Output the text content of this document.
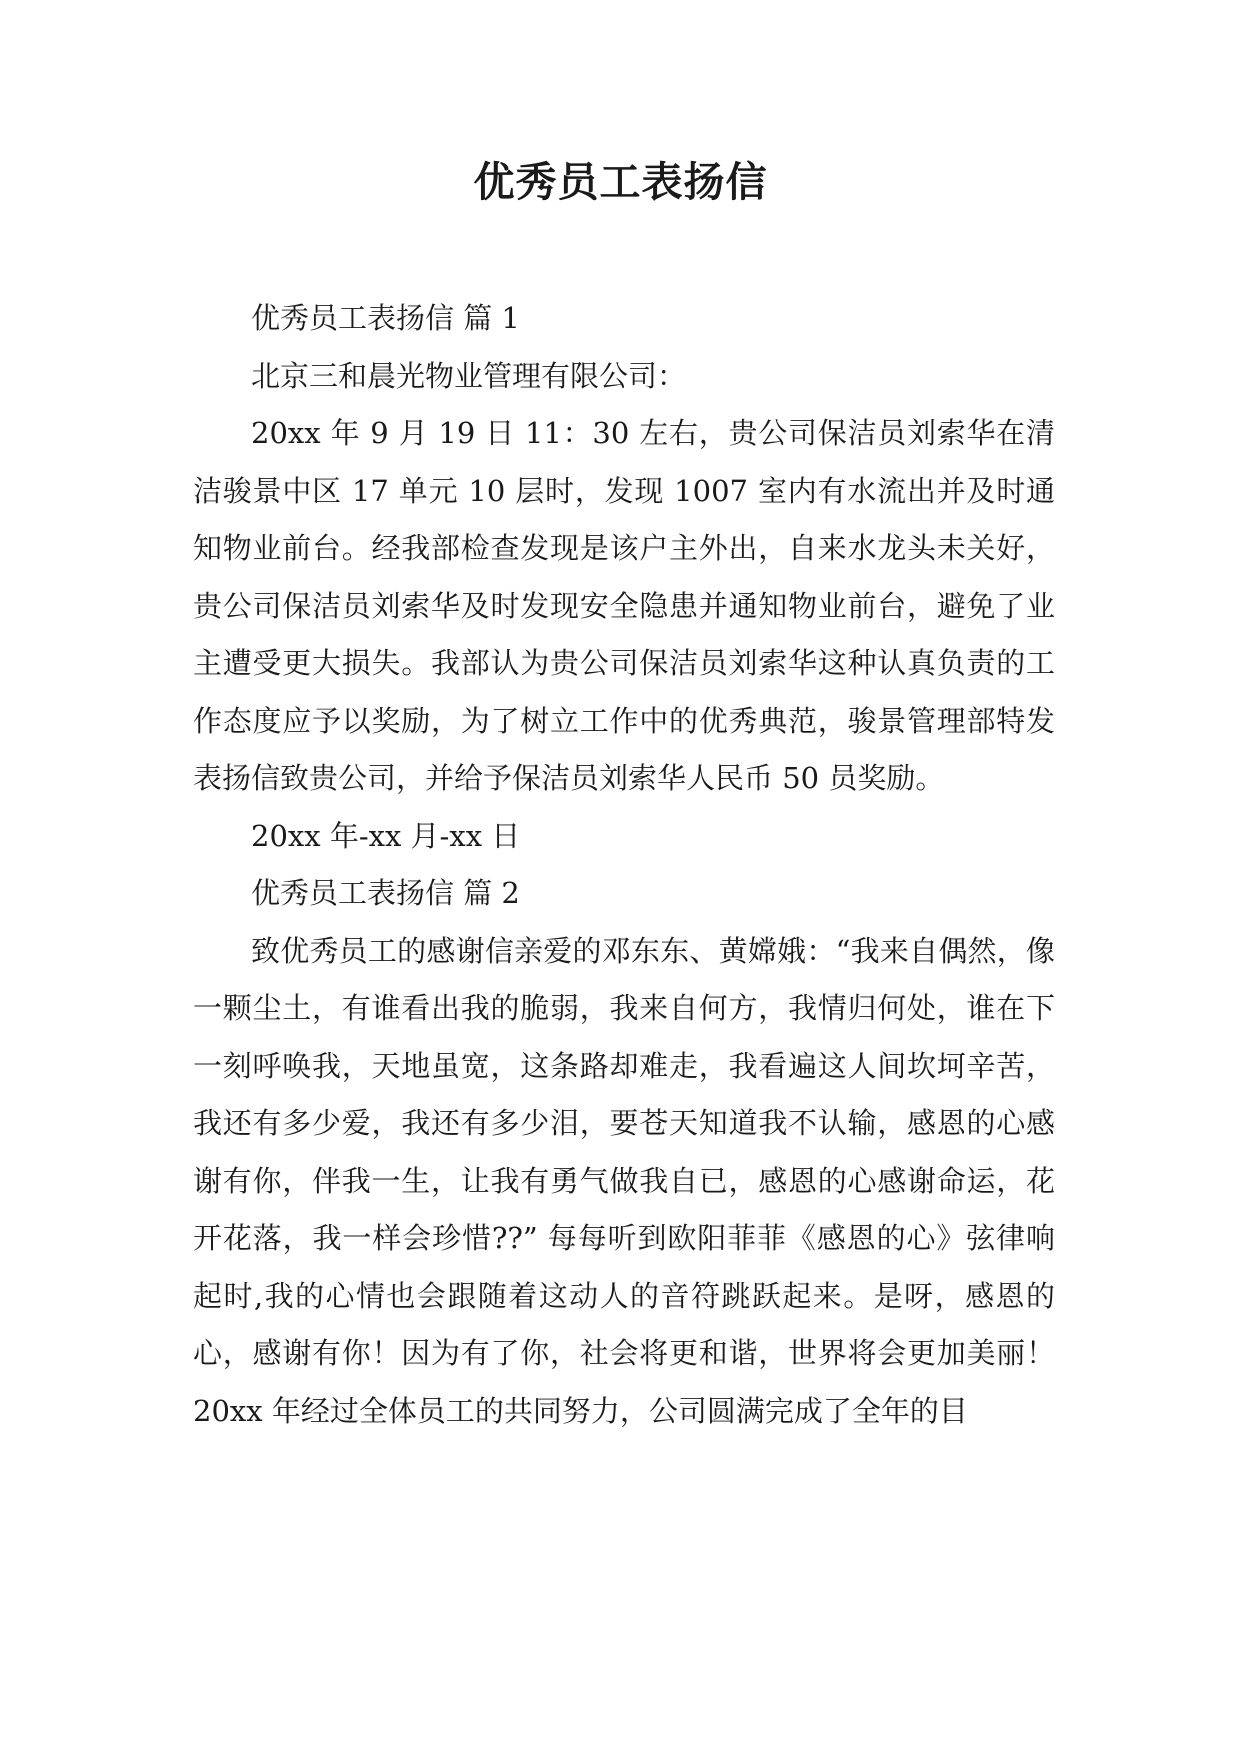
优秀员工表扬信

优秀员工表扬信 篇 1

北京三和晨光物业管理有限公司：

20xx 年 9 月 19 日 11：30 左右，贵公司保洁员刘索华在清洁骏景中区 17 单元 10 层时，发现 1007 室内有水流出并及时通知物业前台。经我部检查发现是该户主外出，自来水龙头未关好，贵公司保洁员刘索华及时发现安全隐患并通知物业前台，避免了业主遭受更大损失。我部认为贵公司保洁员刘索华这种认真负责的工作态度应予以奖励，为了树立工作中的优秀典范，骏景管理部特发表扬信致贵公司，并给予保洁员刘索华人民币 50 员奖励。

20xx 年-xx 月-xx 日

优秀员工表扬信 篇 2

致优秀员工的感谢信亲爱的邓东东、黄嫦娥：“我来自偶然，像一颗尘土，有谁看出我的脆弱，我来自何方，我情归何处，谁在下一刻呼唤我，天地虽宽，这条路却难走，我看遍这人间坎坷辛苦，我还有多少爱，我还有多少泪，要苍天知道我不认输，感恩的心感谢有你，伴我一生，让我有勇气做我自已，感恩的心感谢命运，花开花落，我一样会珍惜??” 每每听到欧阳菲菲《感恩的心》弦律响起时,我的心情也会跟随着这动人的音符跳跃起来。是呀，感恩的心，感谢有你！因为有了你，社会将更和谐，世界将会更加美丽！20xx 年经过全体员工的共同努力，公司圆满完成了全年的目
